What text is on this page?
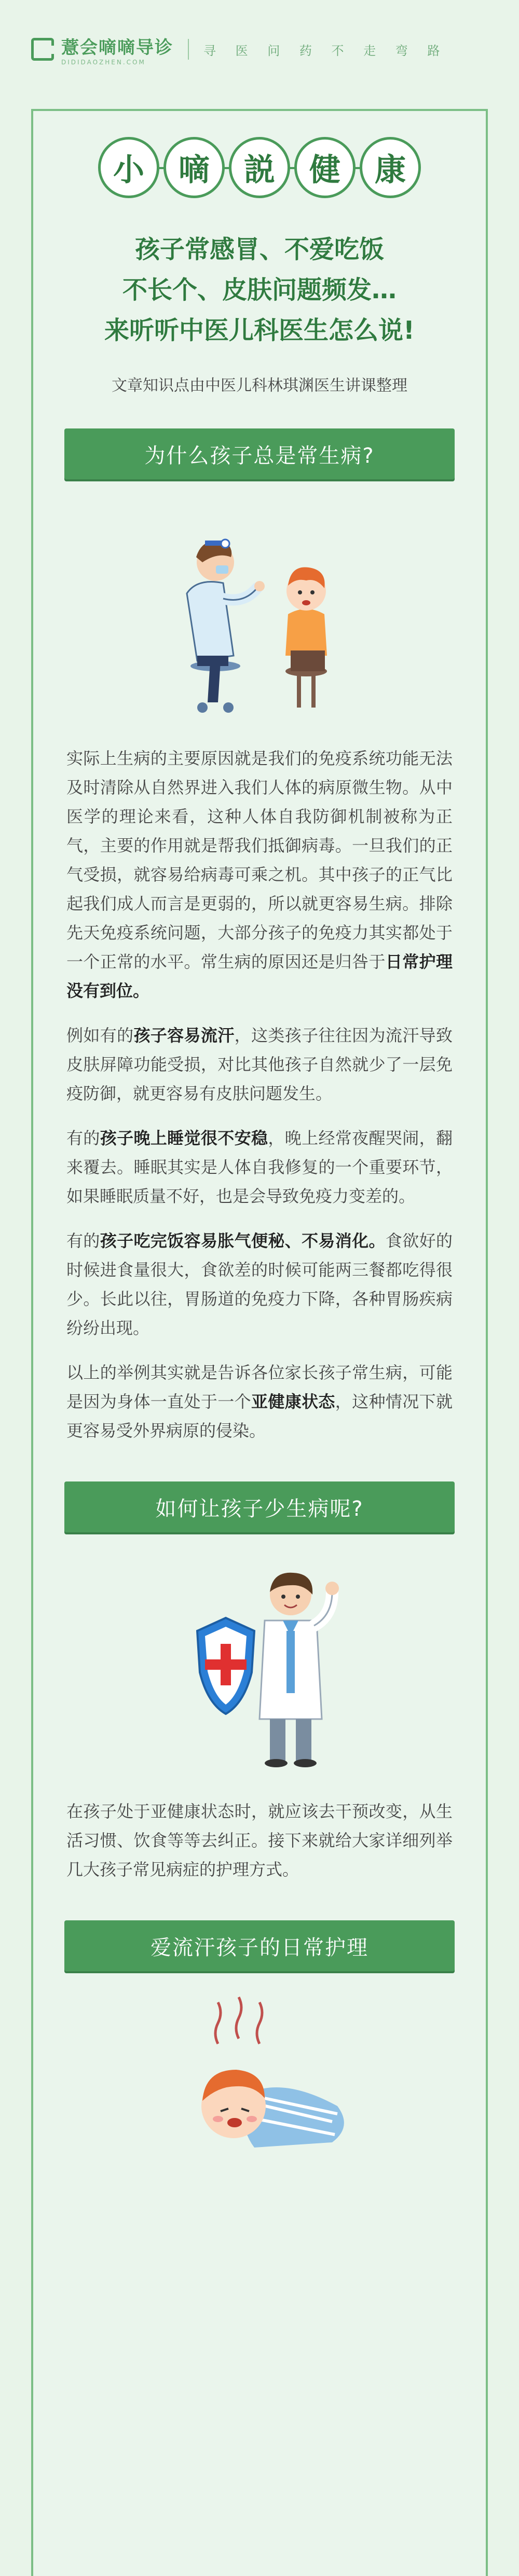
薏会嘀嘀导诊
DIDIDAOZHEN.COM
寻 医 问 药 不 走 弯 路
小	嘀	説	健	康
孩子常感冒、不爱吃饭
不长个、皮肤问题频发…
来听听中医儿科医生怎么说!
文章知识点由中医儿科林琪渊医生讲课整理
为什么孩子总是常生病?
实际上生病的主要原因就是我们的免疫系统功能无法及时清除从自然界进入我们人体的病原微生物。从中医学的理论来看，这种人体自我防御机制被称为正气，主要的作用就是帮我们抵御病毒。一旦我们的正气受损，就容易给病毒可乘之机。其中孩子的正气比起我们成人而言是更弱的，所以就更容易生病。排除先天免疫系统问题，大部分孩子的免疫力其实都处于一个正常的水平。常生病的原因还是归咎于日常护理没有到位。
例如有的孩子容易流汗，这类孩子往往因为流汗导致皮肤屏障功能受损，对比其他孩子自然就少了一层免疫防御，就更容易有皮肤问题发生。
有的孩子晚上睡觉很不安稳，晚上经常夜醒哭闹，翻来覆去。睡眠其实是人体自我修复的一个重要环节，如果睡眠质量不好，也是会导致免疫力变差的。
有的孩子吃完饭容易胀气便秘、不易消化。食欲好的时候进食量很大，食欲差的时候可能两三餐都吃得很少。长此以往，胃肠道的免疫力下降，各种胃肠疾病纷纷出现。
以上的举例其实就是告诉各位家长孩子常生病，可能是因为身体一直处于一个亚健康状态，这种情况下就更容易受外界病原的侵染。
如何让孩子少生病呢?
在孩子处于亚健康状态时，就应该去干预改变，从生活习惯、饮食等等去纠正。接下来就给大家详细列举几大孩子常见病症的护理方式。
爱流汗孩子的日常护理
